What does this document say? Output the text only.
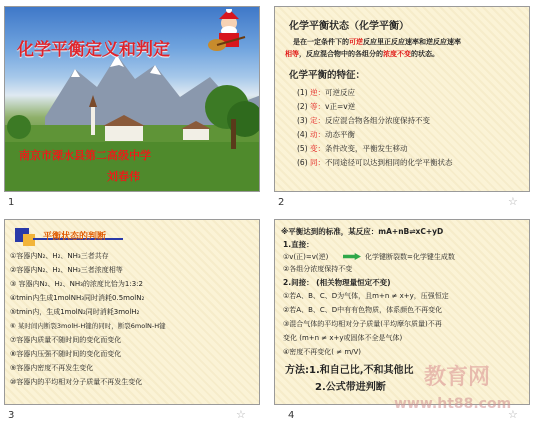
化学平衡定义和判定
南京市溧水县第二高级中学
刘春伟
1
化学平衡状态（化学平衡）
是在一定条件下的可逆反应里正反应速率和逆反应速率
相等，反应混合物中的各组分的浓度不变的状态。
化学平衡的特征：
(1) 逆：可逆反应
(2) 等：v正=v逆
(3) 定：反应混合物各组分浓度保持不变
(4) 动：动态平衡
(5) 变：条件改变，平衡发生移动
(6) 同：不同途径可以达到相同的化学平衡状态
2	☆
平衡状态的判断
①容器内N₂、H₂、NH₃三者共存
②容器内N₂、H₂、NH₃三者浓度相等
③ 容器内N₂、H₂、NH₃的浓度比恰为1:3:2
④tmin内生成1molNH₃同时消耗0.5molN₂
⑤tmin内，生成1molN₂同时消耗3molH₂
⑥ 某时间内断裂3molH-H键的同时，断裂6molN-H键
⑦容器内质量不随时间的变化而变化
⑧容器内压强不随时间的变化而变化
⑨容器内密度不再发生变化
⑩容器内的平均相对分子质量不再发生变化
3	☆
※平衡达到的标准，某反应：mA+nB⇌xC+yD
1.直接：
①v(正)=v(逆)	化学键断裂数=化学键生成数
②各组分浓度保持不变
2.间接： (相关物理量恒定不变)
①若A、B、C、D为气体，且m+n ≠ x+y，压强恒定
②若A、B、C、D中有有色物质，体系颜色不再变化
③混合气体的平均相对分子质量(平均摩尔质量)不再
变化 (m+n ≠ x+y或固体不全是气体)
④密度不再变化( ≠ m/V)
方法:1.和自己比,不和其他比
2.公式带进判断
4
教育网
www.ht88.com
☆
